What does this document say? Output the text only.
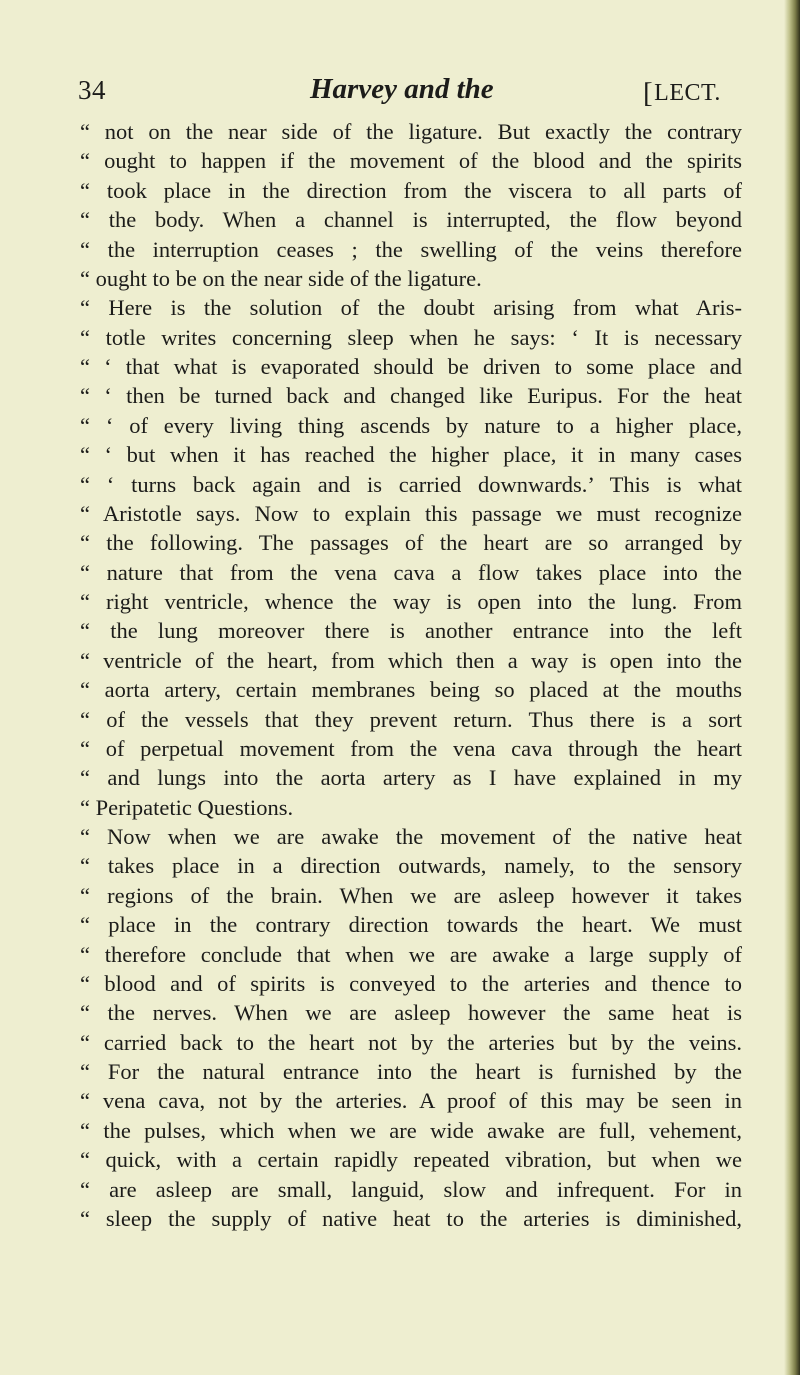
34	Harvey and the	[LECT.
“ not on the near side of the ligature. But exactly the contrary
“ ought to happen if the movement of the blood and the spirits
“ took place in the direction from the viscera to all parts of
“ the body. When a channel is interrupted, the flow beyond
“ the interruption ceases ; the swelling of the veins therefore
“ ought to be on the near side of the ligature.
“ Here is the solution of the doubt arising from what Aris-
“ totle writes concerning sleep when he says: ‘ It is necessary
“ ‘ that what is evaporated should be driven to some place and
“ ‘ then be turned back and changed like Euripus. For the heat
“ ‘ of every living thing ascends by nature to a higher place,
“ ‘ but when it has reached the higher place, it in many cases
“ ‘ turns back again and is carried downwards.’ This is what
“ Aristotle says. Now to explain this passage we must recognize
“ the following. The passages of the heart are so arranged by
“ nature that from the vena cava a flow takes place into the
“ right ventricle, whence the way is open into the lung. From
“ the lung moreover there is another entrance into the left
“ ventricle of the heart, from which then a way is open into the
“ aorta artery, certain membranes being so placed at the mouths
“ of the vessels that they prevent return. Thus there is a sort
“ of perpetual movement from the vena cava through the heart
“ and lungs into the aorta artery as I have explained in my
“ Peripatetic Questions.
“ Now when we are awake the movement of the native heat
“ takes place in a direction outwards, namely, to the sensory
“ regions of the brain. When we are asleep however it takes
“ place in the contrary direction towards the heart. We must
“ therefore conclude that when we are awake a large supply of
“ blood and of spirits is conveyed to the arteries and thence to
“ the nerves. When we are asleep however the same heat is
“ carried back to the heart not by the arteries but by the veins.
“ For the natural entrance into the heart is furnished by the
“ vena cava, not by the arteries. A proof of this may be seen in
“ the pulses, which when we are wide awake are full, vehement,
“ quick, with a certain rapidly repeated vibration, but when we
“ are asleep are small, languid, slow and infrequent. For in
“ sleep the supply of native heat to the arteries is diminished,
